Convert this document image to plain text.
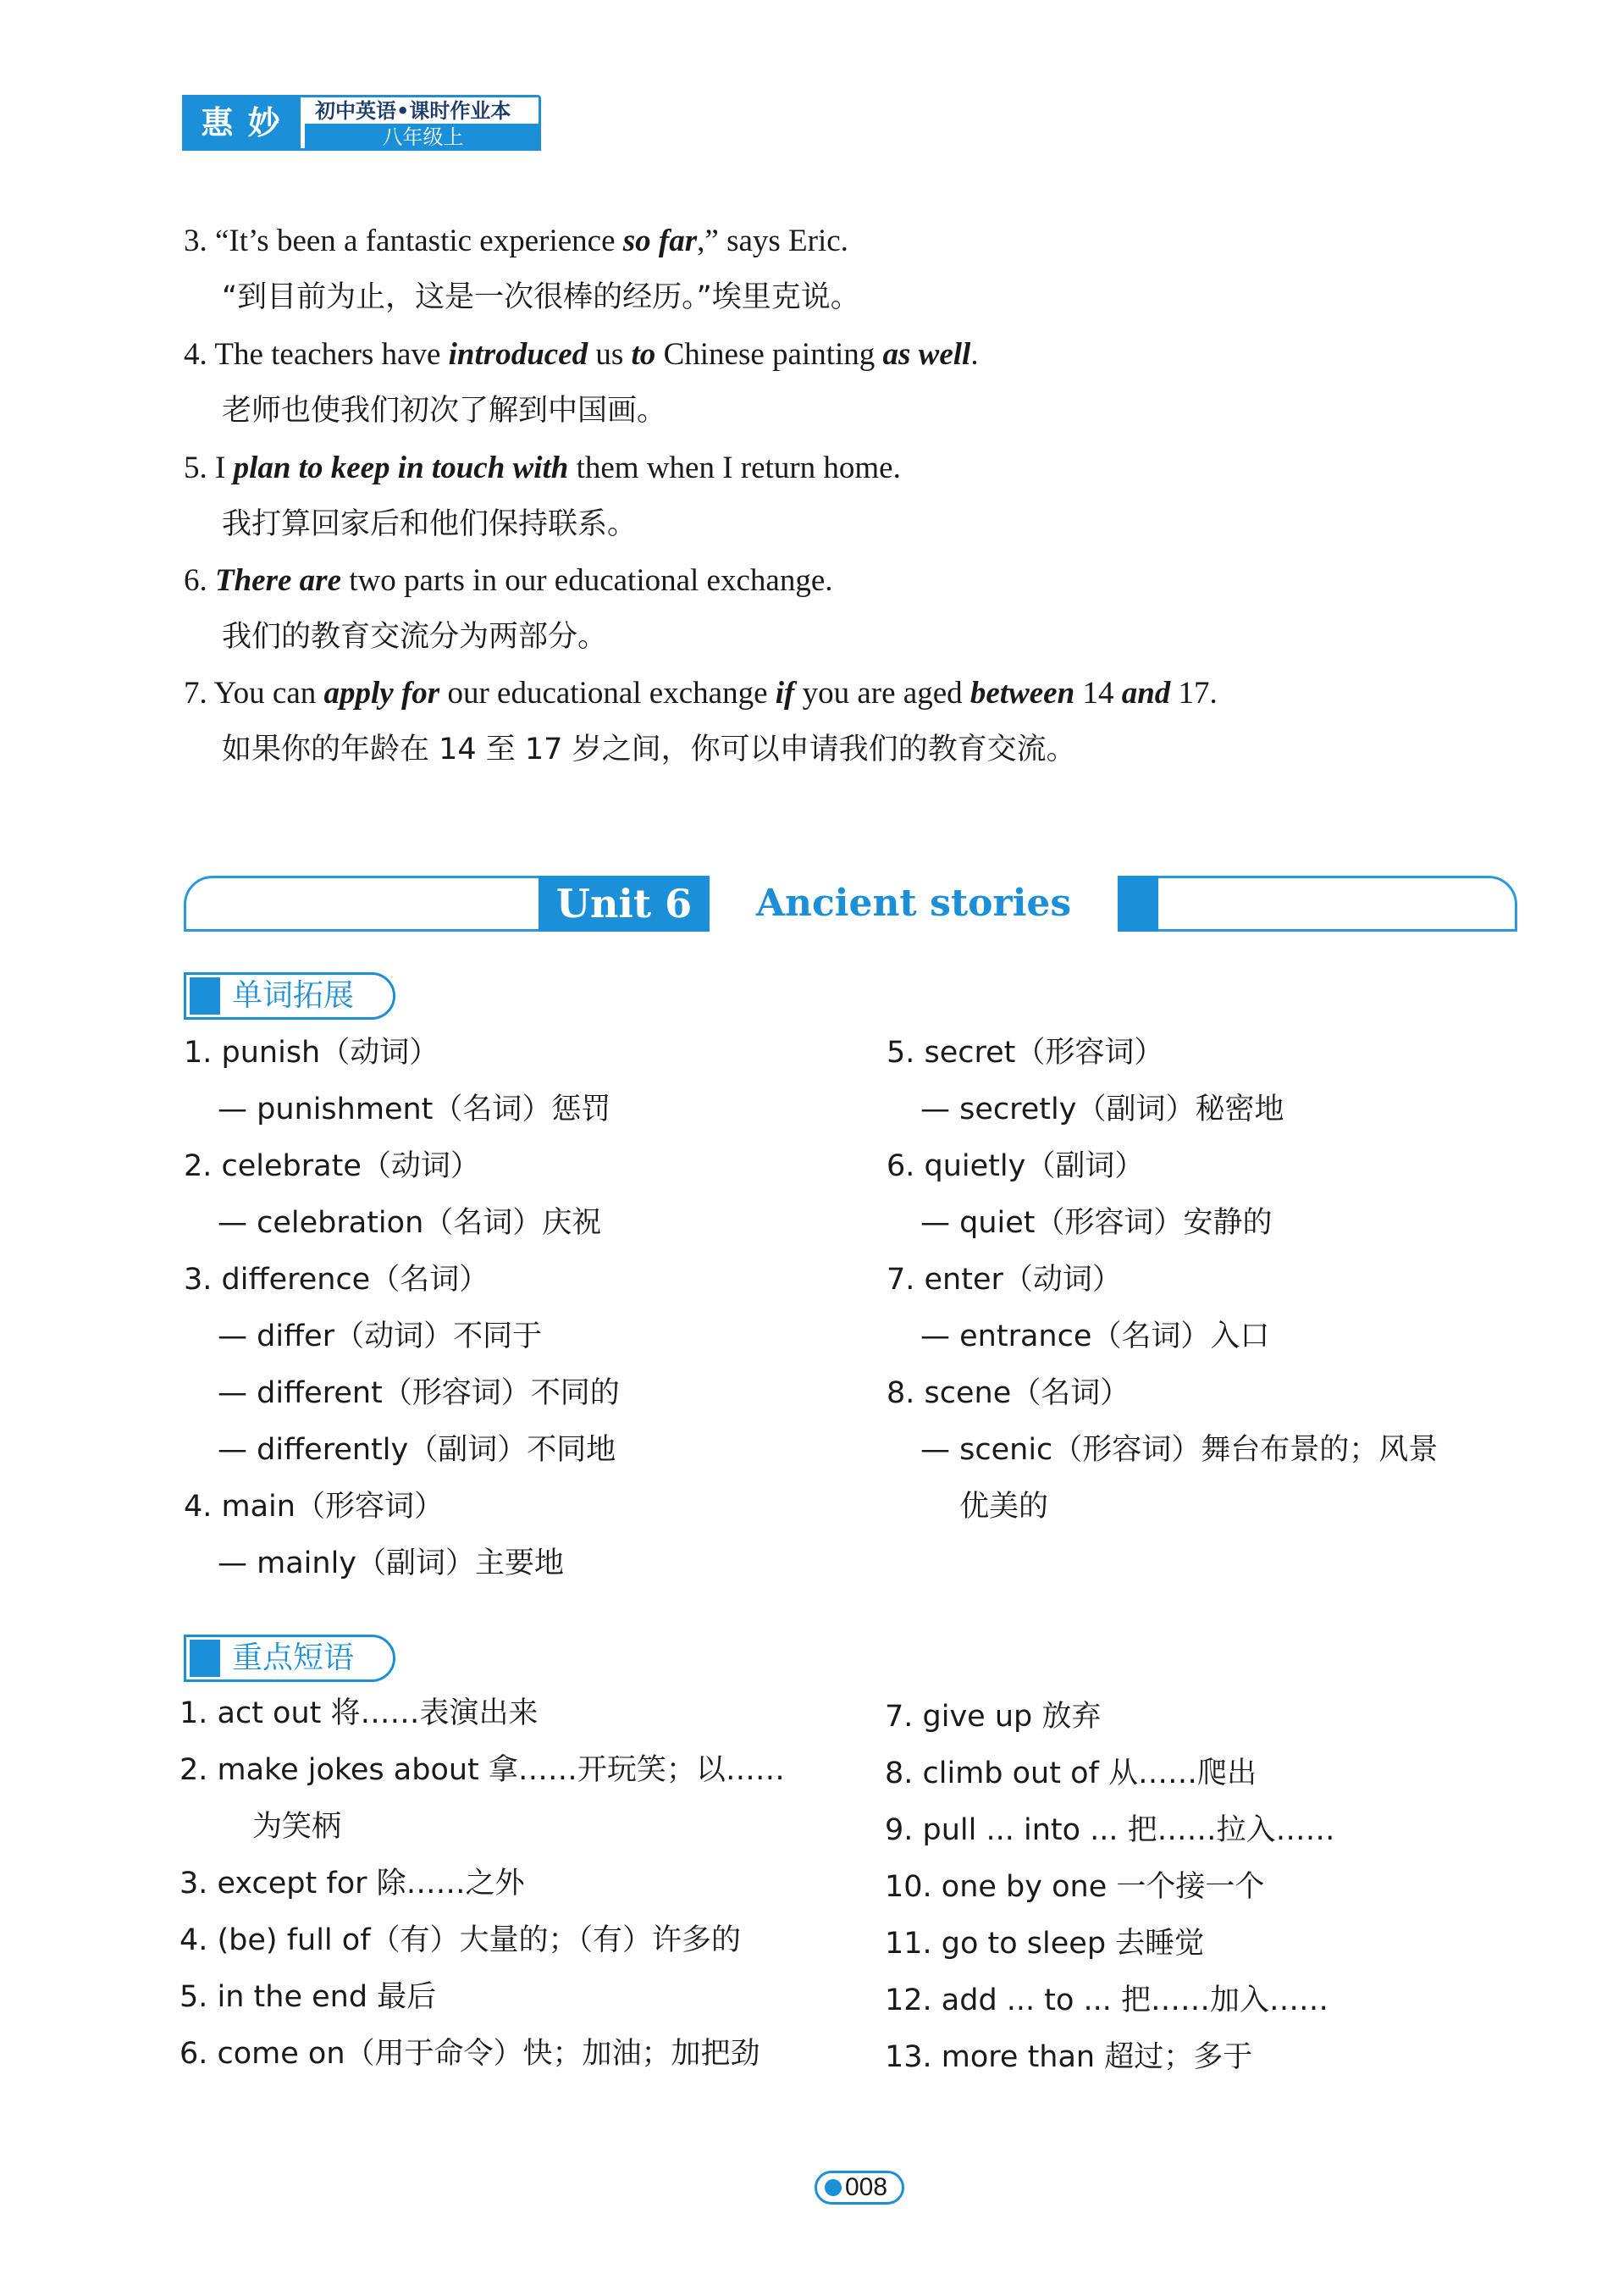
惠 妙 金卷
初中英语•课时作业本
八年级上
3. “It’s been a fantastic experience so far,” says Eric.
“到目前为止，这是一次很棒的经历。”埃里克说。
4. The teachers have introduced us to Chinese painting as well.
老师也使我们初次了解到中国画。
5. I plan to keep in touch with them when I return home.
我打算回家后和他们保持联系。
6. There are two parts in our educational exchange.
我们的教育交流分为两部分。
7. You can apply for our educational exchange if you are aged between 14 and 17.
如果你的年龄在 14 至 17 岁之间，你可以申请我们的教育交流。
Unit 6	Ancient stories
单词拓展
1. punish（动词）
— punishment（名词）惩罚
2. celebrate（动词）
— celebration（名词）庆祝
3. difference（名词）
— differ（动词）不同于
— different（形容词）不同的
— differently（副词）不同地
4. main（形容词）
— mainly（副词）主要地
5. secret（形容词）
— secretly（副词）秘密地
6. quietly（副词）
— quiet（形容词）安静的
7. enter（动词）
— entrance（名词）入口
8. scene（名词）
— scenic（形容词）舞台布景的；风景
优美的
重点短语
1. act out 将……表演出来
2. make jokes about 拿……开玩笑；以……
为笑柄
3. except for 除……之外
4. (be) full of（有）大量的；（有）许多的
5. in the end 最后
6. come on（用于命令）快；加油；加把劲
7. give up 放弃
8. climb out of 从……爬出
9. pull ... into ... 把……拉入……
10. one by one 一个接一个
11. go to sleep 去睡觉
12. add ... to ... 把……加入……
13. more than 超过；多于
008
